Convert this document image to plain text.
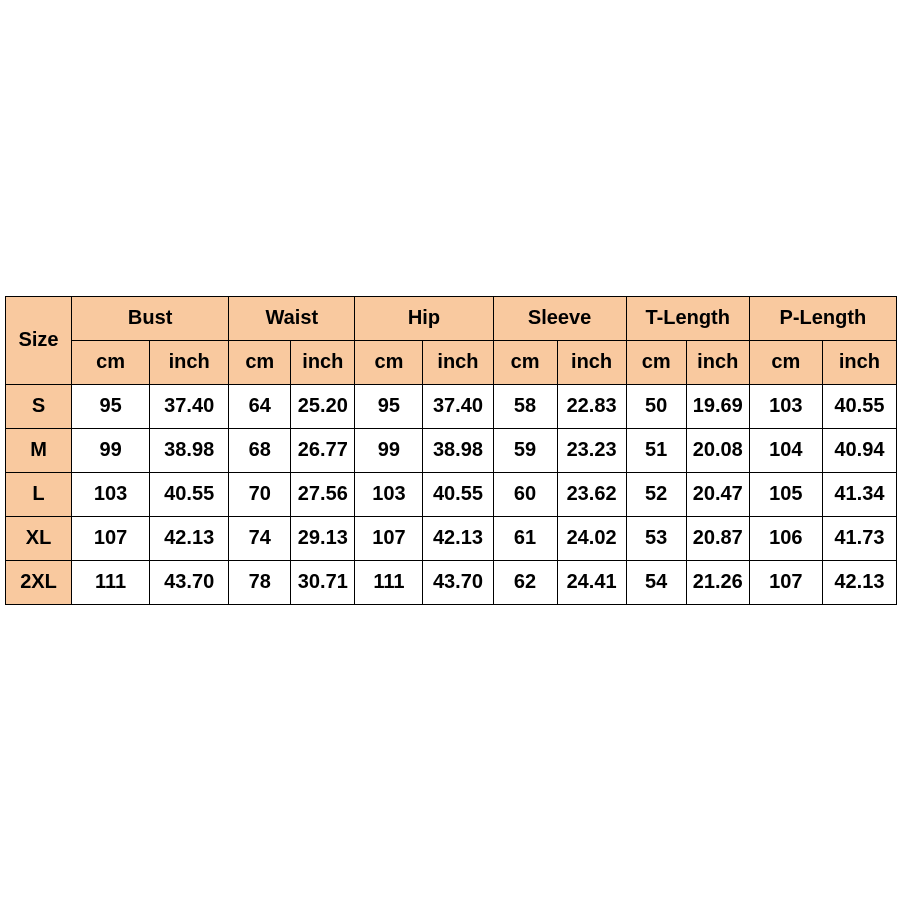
Size	Bust		Waist		Hip		Sleeve		T-Length		P-Length	
	cm	inch	cm	inch	cm	inch	cm	inch	cm	inch	cm	inch
S	95	37.40	64	25.20	95	37.40	58	22.83	50	19.69	103	40.55
M	99	38.98	68	26.77	99	38.98	59	23.23	51	20.08	104	40.94
L	103	40.55	70	27.56	103	40.55	60	23.62	52	20.47	105	41.34
XL	107	42.13	74	29.13	107	42.13	61	24.02	53	20.87	106	41.73
2XL	111	43.70	78	30.71	111	43.70	62	24.41	54	21.26	107	42.13
